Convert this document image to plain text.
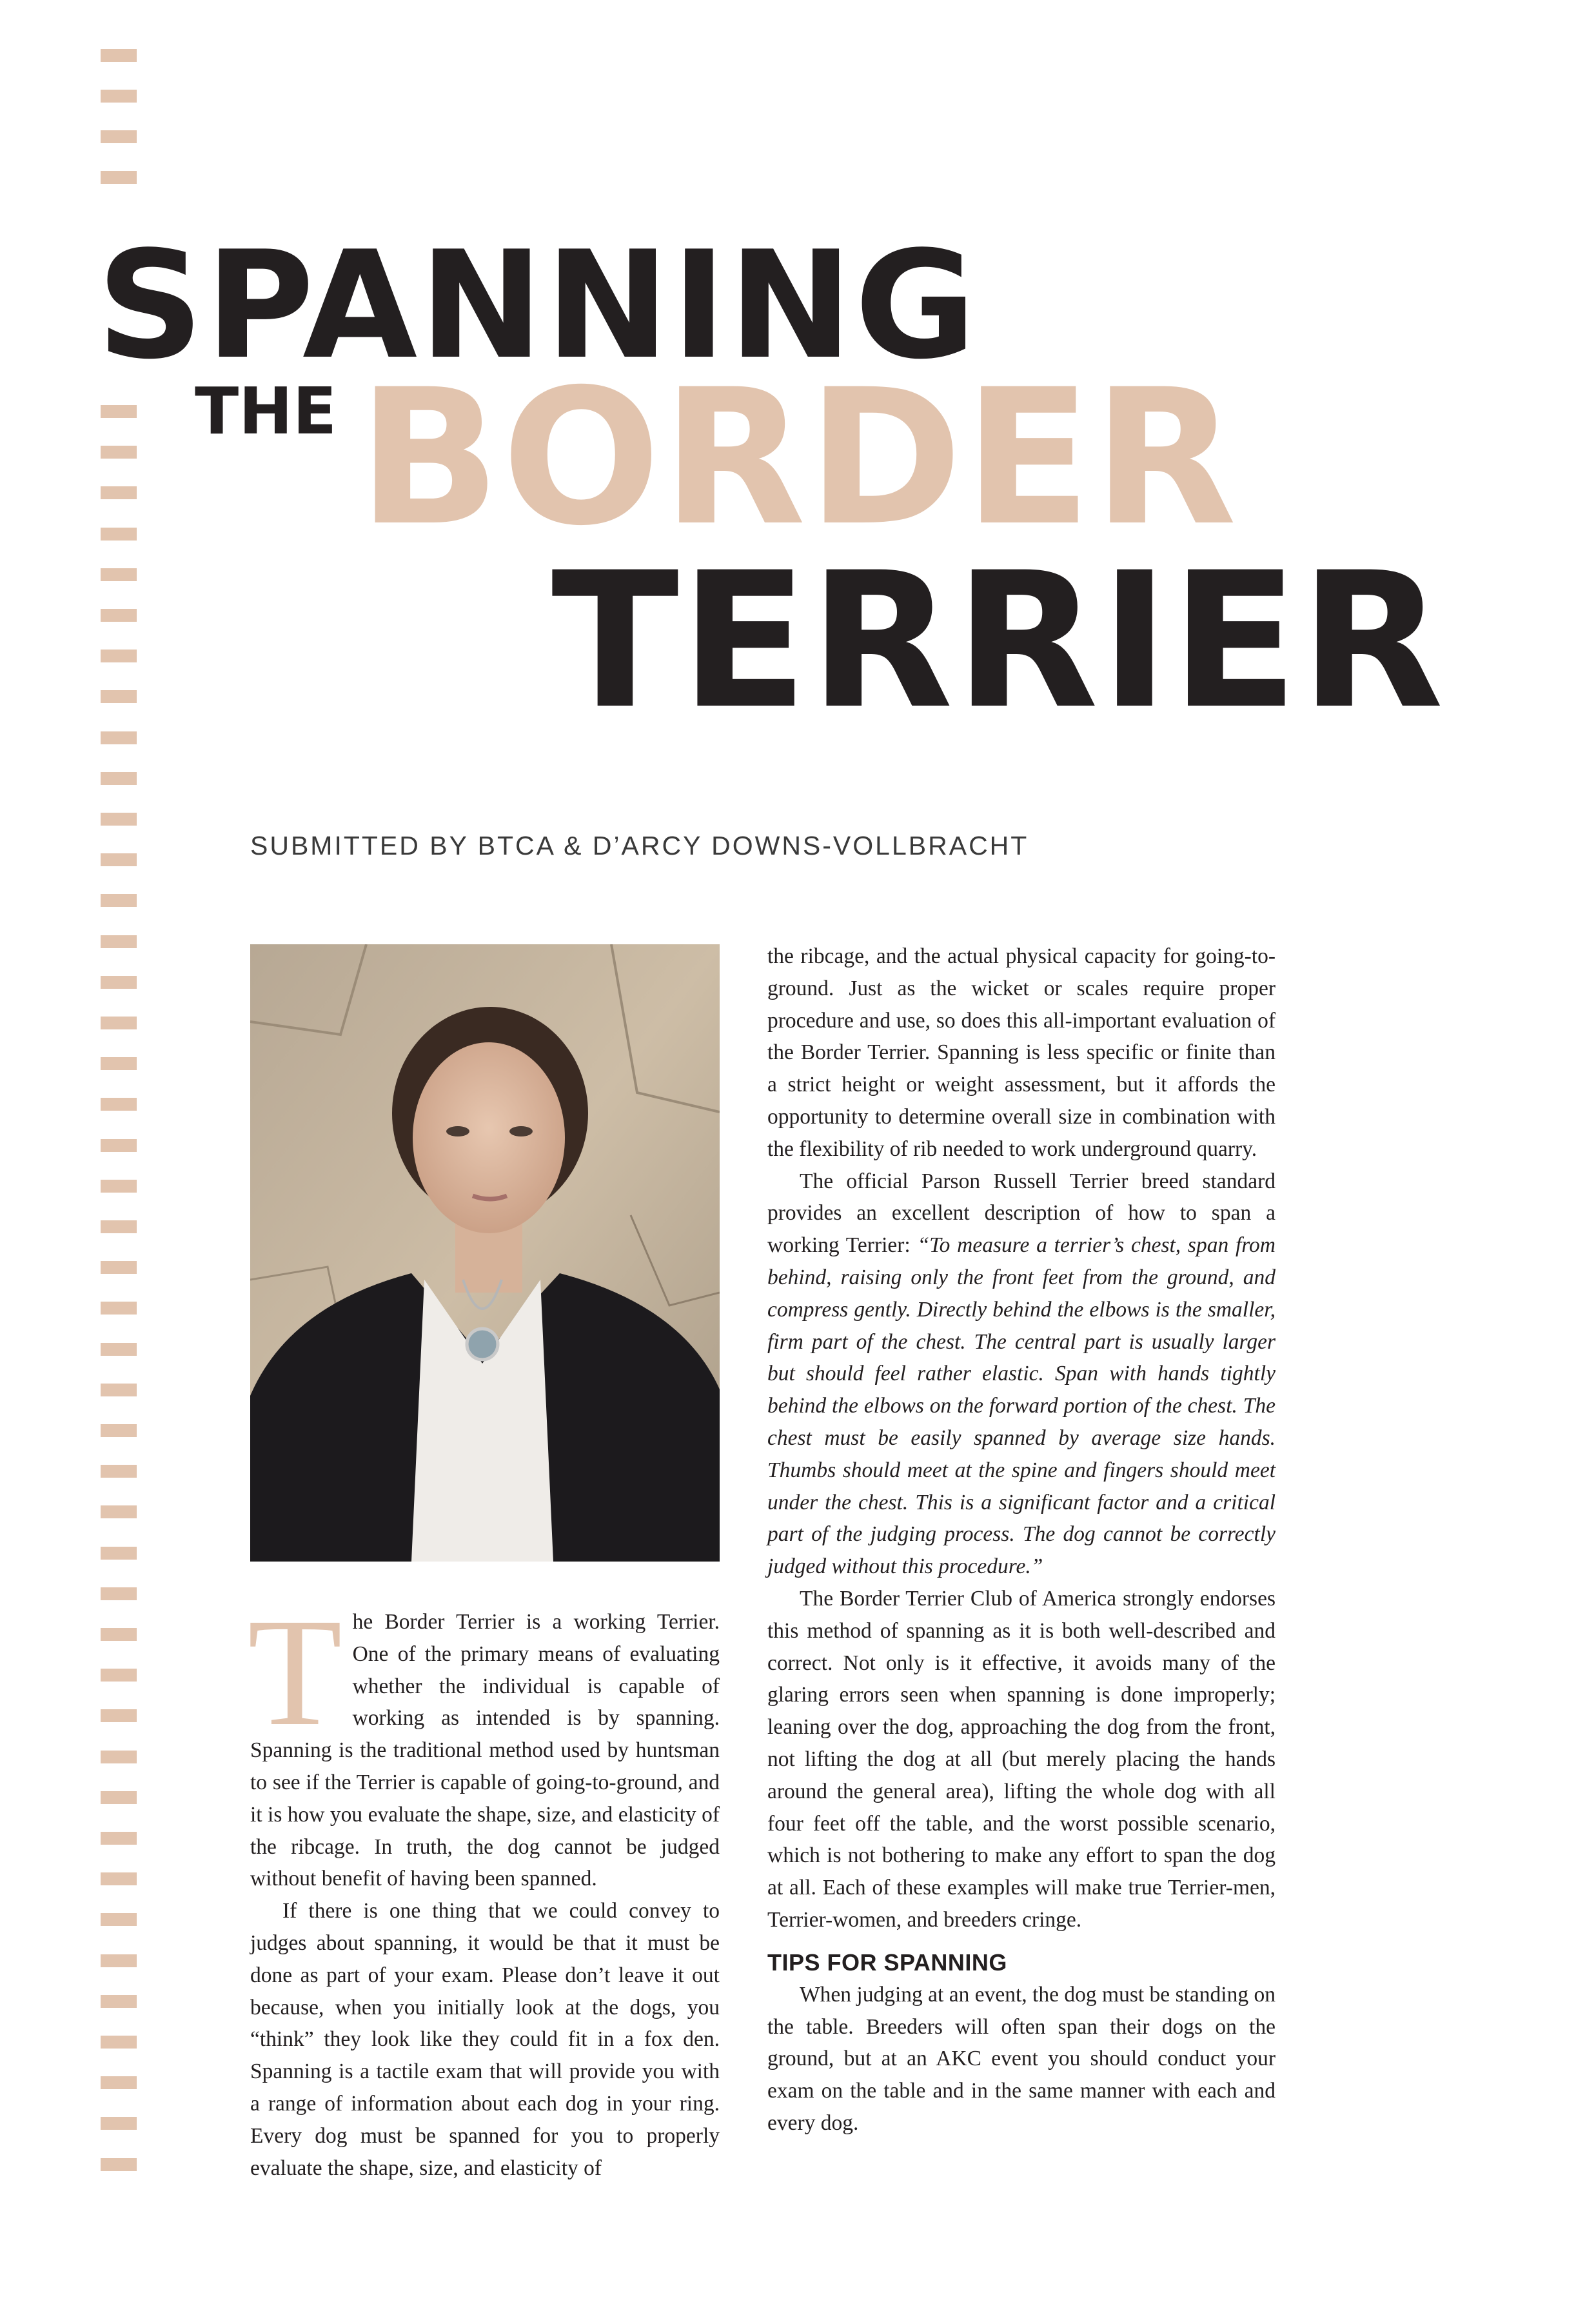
SPANNING
THE BORDER
TERRIER

SUBMITTED BY BTCA & D’ARCY DOWNS-VOLLBRACHT

The Border Terrier is a working Terrier. One of the primary means of evaluating whether the individual is capable of working as intended is by spanning. Spanning is the traditional method used by huntsman to see if the Terrier is capable of going-to-ground, and it is how you evaluate the shape, size, and elasticity of the ribcage. In truth, the dog cannot be judged without benefit of having been spanned.

If there is one thing that we could convey to judges about spanning, it would be that it must be done as part of your exam. Please don’t leave it out because, when you initially look at the dogs, you “think” they look like they could fit in a fox den. Spanning is a tactile exam that will provide you with a range of information about each dog in your ring. Every dog must be spanned for you to properly evaluate the shape, size, and elasticity of

the ribcage, and the actual physical capacity for going-to-ground. Just as the wicket or scales require proper procedure and use, so does this all-important evaluation of the Border Terrier. Spanning is less specific or finite than a strict height or weight assessment, but it affords the opportunity to determine overall size in combination with the flexibility of rib needed to work underground quarry.

The official Parson Russell Terrier breed standard provides an excellent description of how to span a working Terrier: “To measure a terrier’s chest, span from behind, raising only the front feet from the ground, and compress gently. Directly behind the elbows is the smaller, firm part of the chest. The central part is usually larger but should feel rather elastic. Span with hands tightly behind the elbows on the forward portion of the chest. The chest must be easily spanned by average size hands. Thumbs should meet at the spine and fingers should meet under the chest. This is a significant factor and a critical part of the judging process. The dog cannot be correctly judged without this procedure.”

The Border Terrier Club of America strongly endorses this method of spanning as it is both well-described and correct. Not only is it effective, it avoids many of the glaring errors seen when spanning is done improperly; leaning over the dog, approaching the dog from the front, not lifting the dog at all (but merely placing the hands around the general area), lifting the whole dog with all four feet off the table, and the worst possible scenario, which is not bothering to make any effort to span the dog at all. Each of these examples will make true Terrier-men, Terrier-women, and breeders cringe.

TIPS FOR SPANNING

When judging at an event, the dog must be standing on the table. Breeders will often span their dogs on the ground, but at an AKC event you should conduct your exam on the table and in the same manner with each and every dog.
